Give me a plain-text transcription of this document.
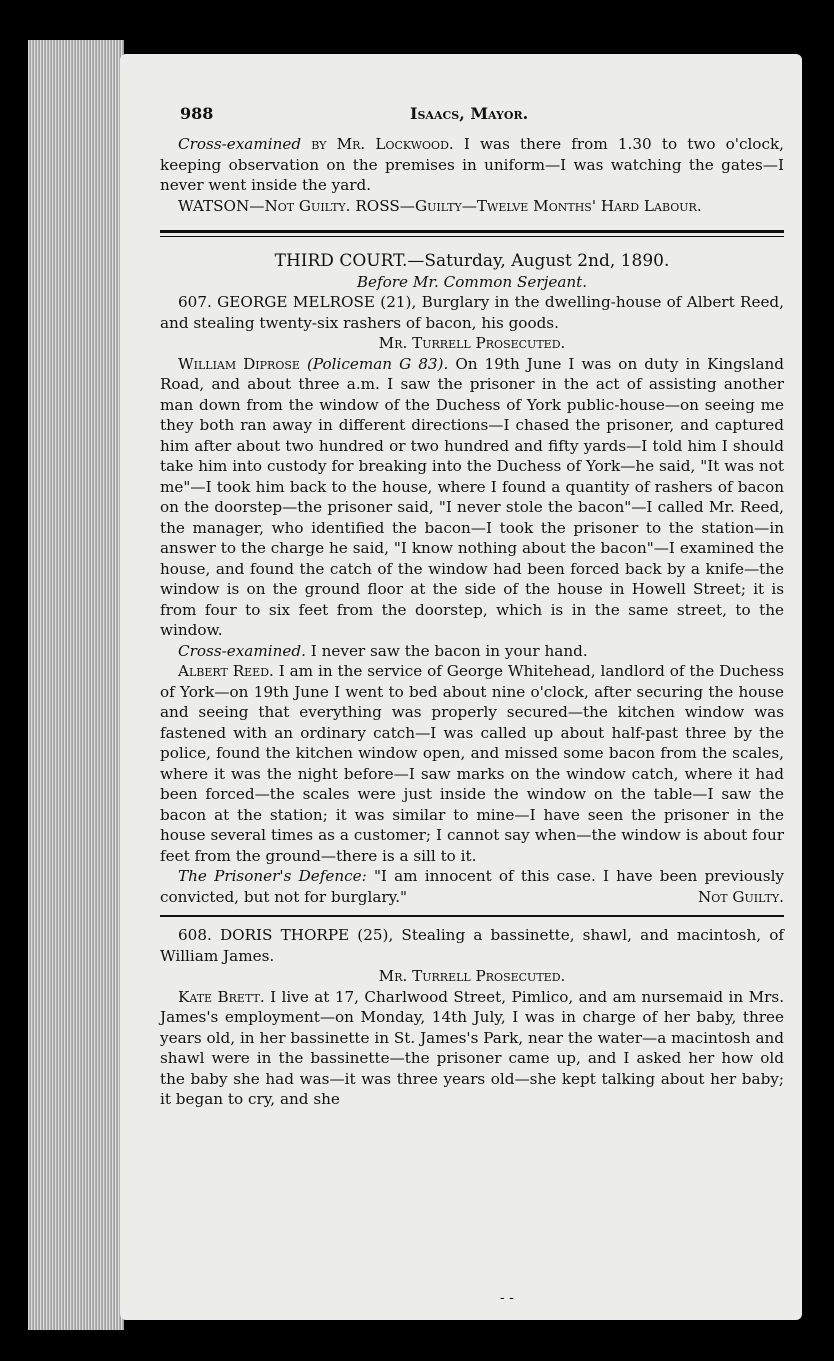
988	Isaacs, Mayor.

Cross-examined by Mr. Lockwood. I was there from 1.30 to two o'clock, keeping observation on the premises in uniform—I was watching the gates—I never went inside the yard.

WATSON—Not Guilty. ROSS—Guilty—Twelve Months' Hard Labour.

THIRD COURT.—Saturday, August 2nd, 1890.

Before Mr. Common Serjeant.

607. GEORGE MELROSE (21), Burglary in the dwelling-house of Albert Reed, and stealing twenty-six rashers of bacon, his goods.

Mr. Turrell Prosecuted.

William Diprose (Policeman G 83). On 19th June I was on duty in Kingsland Road, and about three a.m. I saw the prisoner in the act of assisting another man down from the window of the Duchess of York public-house—on seeing me they both ran away in different directions—I chased the prisoner, and captured him after about two hundred or two hundred and fifty yards—I told him I should take him into custody for breaking into the Duchess of York—he said, "It was not me"—I took him back to the house, where I found a quantity of rashers of bacon on the doorstep—the prisoner said, "I never stole the bacon"—I called Mr. Reed, the manager, who identified the bacon—I took the prisoner to the station—in answer to the charge he said, "I know nothing about the bacon"—I examined the house, and found the catch of the window had been forced back by a knife—the window is on the ground floor at the side of the house in Howell Street; it is from four to six feet from the doorstep, which is in the same street, to the window.

Cross-examined. I never saw the bacon in your hand.

Albert Reed. I am in the service of George Whitehead, landlord of the Duchess of York—on 19th June I went to bed about nine o'clock, after securing the house and seeing that everything was properly secured—the kitchen window was fastened with an ordinary catch—I was called up about half-past three by the police, found the kitchen window open, and missed some bacon from the scales, where it was the night before—I saw marks on the window catch, where it had been forced—the scales were just inside the window on the table—I saw the bacon at the station; it was similar to mine—I have seen the prisoner in the house several times as a customer; I cannot say when—the window is about four feet from the ground—there is a sill to it.

The Prisoner's Defence: "I am innocent of this case. I have been previously convicted, but not for burglary."	Not Guilty.

608. DORIS THORPE (25), Stealing a bassinette, shawl, and macintosh, of William James.

Mr. Turrell Prosecuted.

Kate Brett. I live at 17, Charlwood Street, Pimlico, and am nursemaid in Mrs. James's employment—on Monday, 14th July, I was in charge of her baby, three years old, in her bassinette in St. James's Park, near the water—a macintosh and shawl were in the bassinette—the prisoner came up, and I asked her how old the baby she had was—it was three years old—she kept talking about her baby; it began to cry, and she

- -
